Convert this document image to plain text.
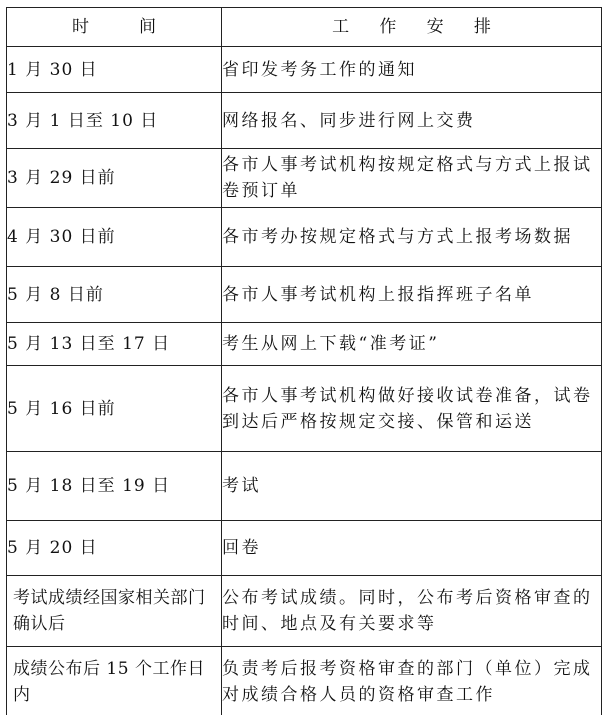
时 间	工 作 安 排

1 月 30 日	省印发考务工作的通知
3 月 1 日至 10 日	网络报名、同步进行网上交费
3 月 29 日前	各市人事考试机构按规定格式与方式上报试卷预订单
4 月 30 日前	各市考办按规定格式与方式上报考场数据
5 月 8 日前	各市人事考试机构上报指挥班子名单
5 月 13 日至 17 日	考生从网上下载“准考证”
5 月 16 日前	各市人事考试机构做好接收试卷准备，试卷到达后严格按规定交接、保管和运送
5 月 18 日至 19 日	考试
5 月 20 日	回卷
考试成绩经国家相关部门确认后	公布考试成绩。同时，公布考后资格审查的时间、地点及有关要求等
成绩公布后 15 个工作日内	负责考后报考资格审查的部门（单位）完成对成绩合格人员的资格审查工作
